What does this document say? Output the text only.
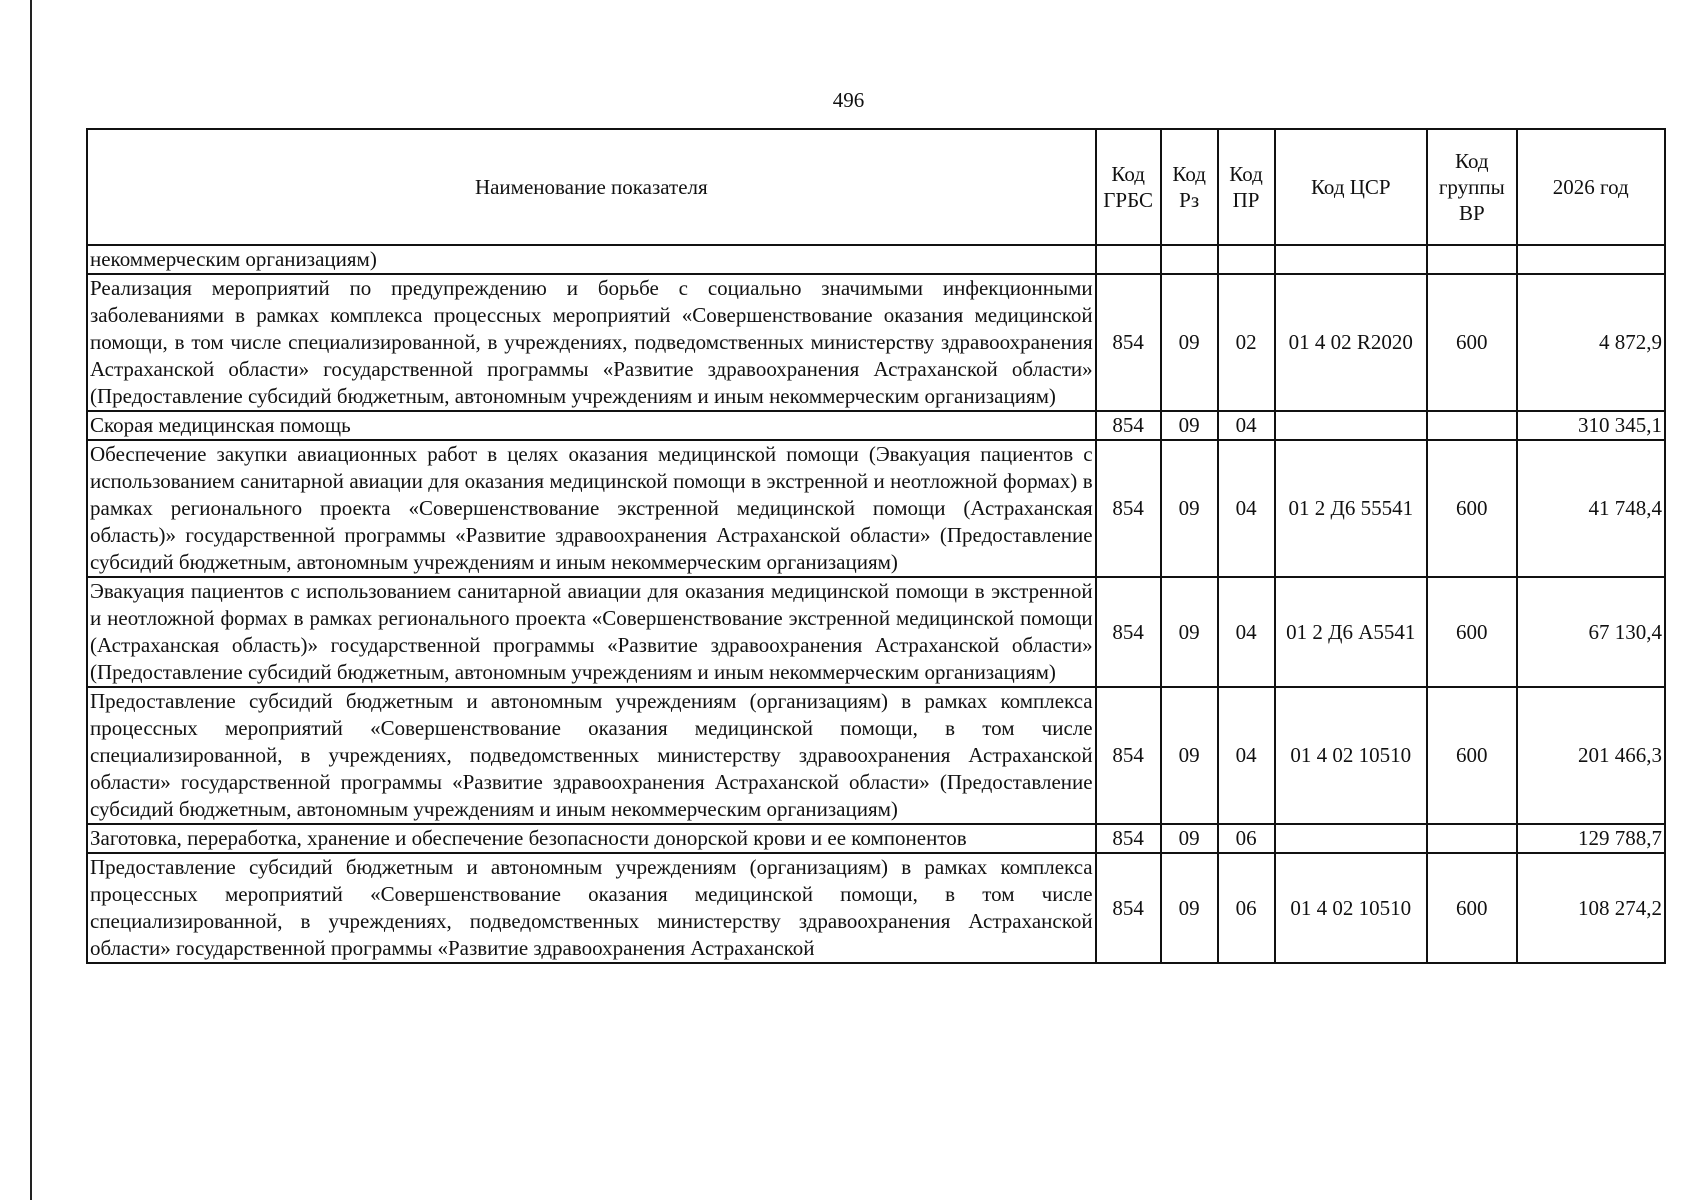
496
Наименование показателя	Код ГРБС	Код Рз	Код ПР	Код ЦСР	Код группы ВР	2026 год
некоммерческим организациям)						
Реализация мероприятий по предупреждению и борьбе с социально значимыми инфекционными заболеваниями в рамках комплекса процессных мероприятий «Совершенствование оказания медицинской помощи, в том числе специализированной, в учреждениях, подведомственных министерству здравоохранения Астраханской области» государственной программы «Развитие здравоохранения Астраханской области» (Предоставление субсидий бюджетным, автономным учреждениям и иным некоммерческим организациям)	854	09	02	01 4 02 R2020	600	4 872,9
Скорая медицинская помощь	854	09	04			310 345,1
Обеспечение закупки авиационных работ в целях оказания медицинской помощи (Эвакуация пациентов с использованием санитарной авиации для оказания медицинской помощи в экстренной и неотложной формах) в рамках регионального проекта «Совершенствование экстренной медицинской помощи (Астраханская область)» государственной программы «Развитие здравоохранения Астраханской области» (Предоставление субсидий бюджетным, автономным учреждениям и иным некоммерческим организациям)	854	09	04	01 2 Д6 55541	600	41 748,4
Эвакуация пациентов с использованием санитарной авиации для оказания медицинской помощи в экстренной и неотложной формах в рамках регионального проекта «Совершенствование экстренной медицинской помощи (Астраханская область)» государственной программы «Развитие здравоохранения Астраханской области» (Предоставление субсидий бюджетным, автономным учреждениям и иным некоммерческим организациям)	854	09	04	01 2 Д6 А5541	600	67 130,4
Предоставление субсидий бюджетным и автономным учреждениям (организациям) в рамках комплекса процессных мероприятий «Совершенствование оказания медицинской помощи, в том числе специализированной, в учреждениях, подведомственных министерству здравоохранения Астраханской области» государственной программы «Развитие здравоохранения Астраханской области» (Предоставление субсидий бюджетным, автономным учреждениям и иным некоммерческим организациям)	854	09	04	01 4 02 10510	600	201 466,3
Заготовка, переработка, хранение и обеспечение безопасности донорской крови и ее компонентов	854	09	06			129 788,7
Предоставление субсидий бюджетным и автономным учреждениям (организациям) в рамках комплекса процессных мероприятий «Совершенствование оказания медицинской помощи, в том числе специализированной, в учреждениях, подведомственных министерству здравоохранения Астраханской области» государственной программы «Развитие здравоохранения Астраханской	854	09	06	01 4 02 10510	600	108 274,2
